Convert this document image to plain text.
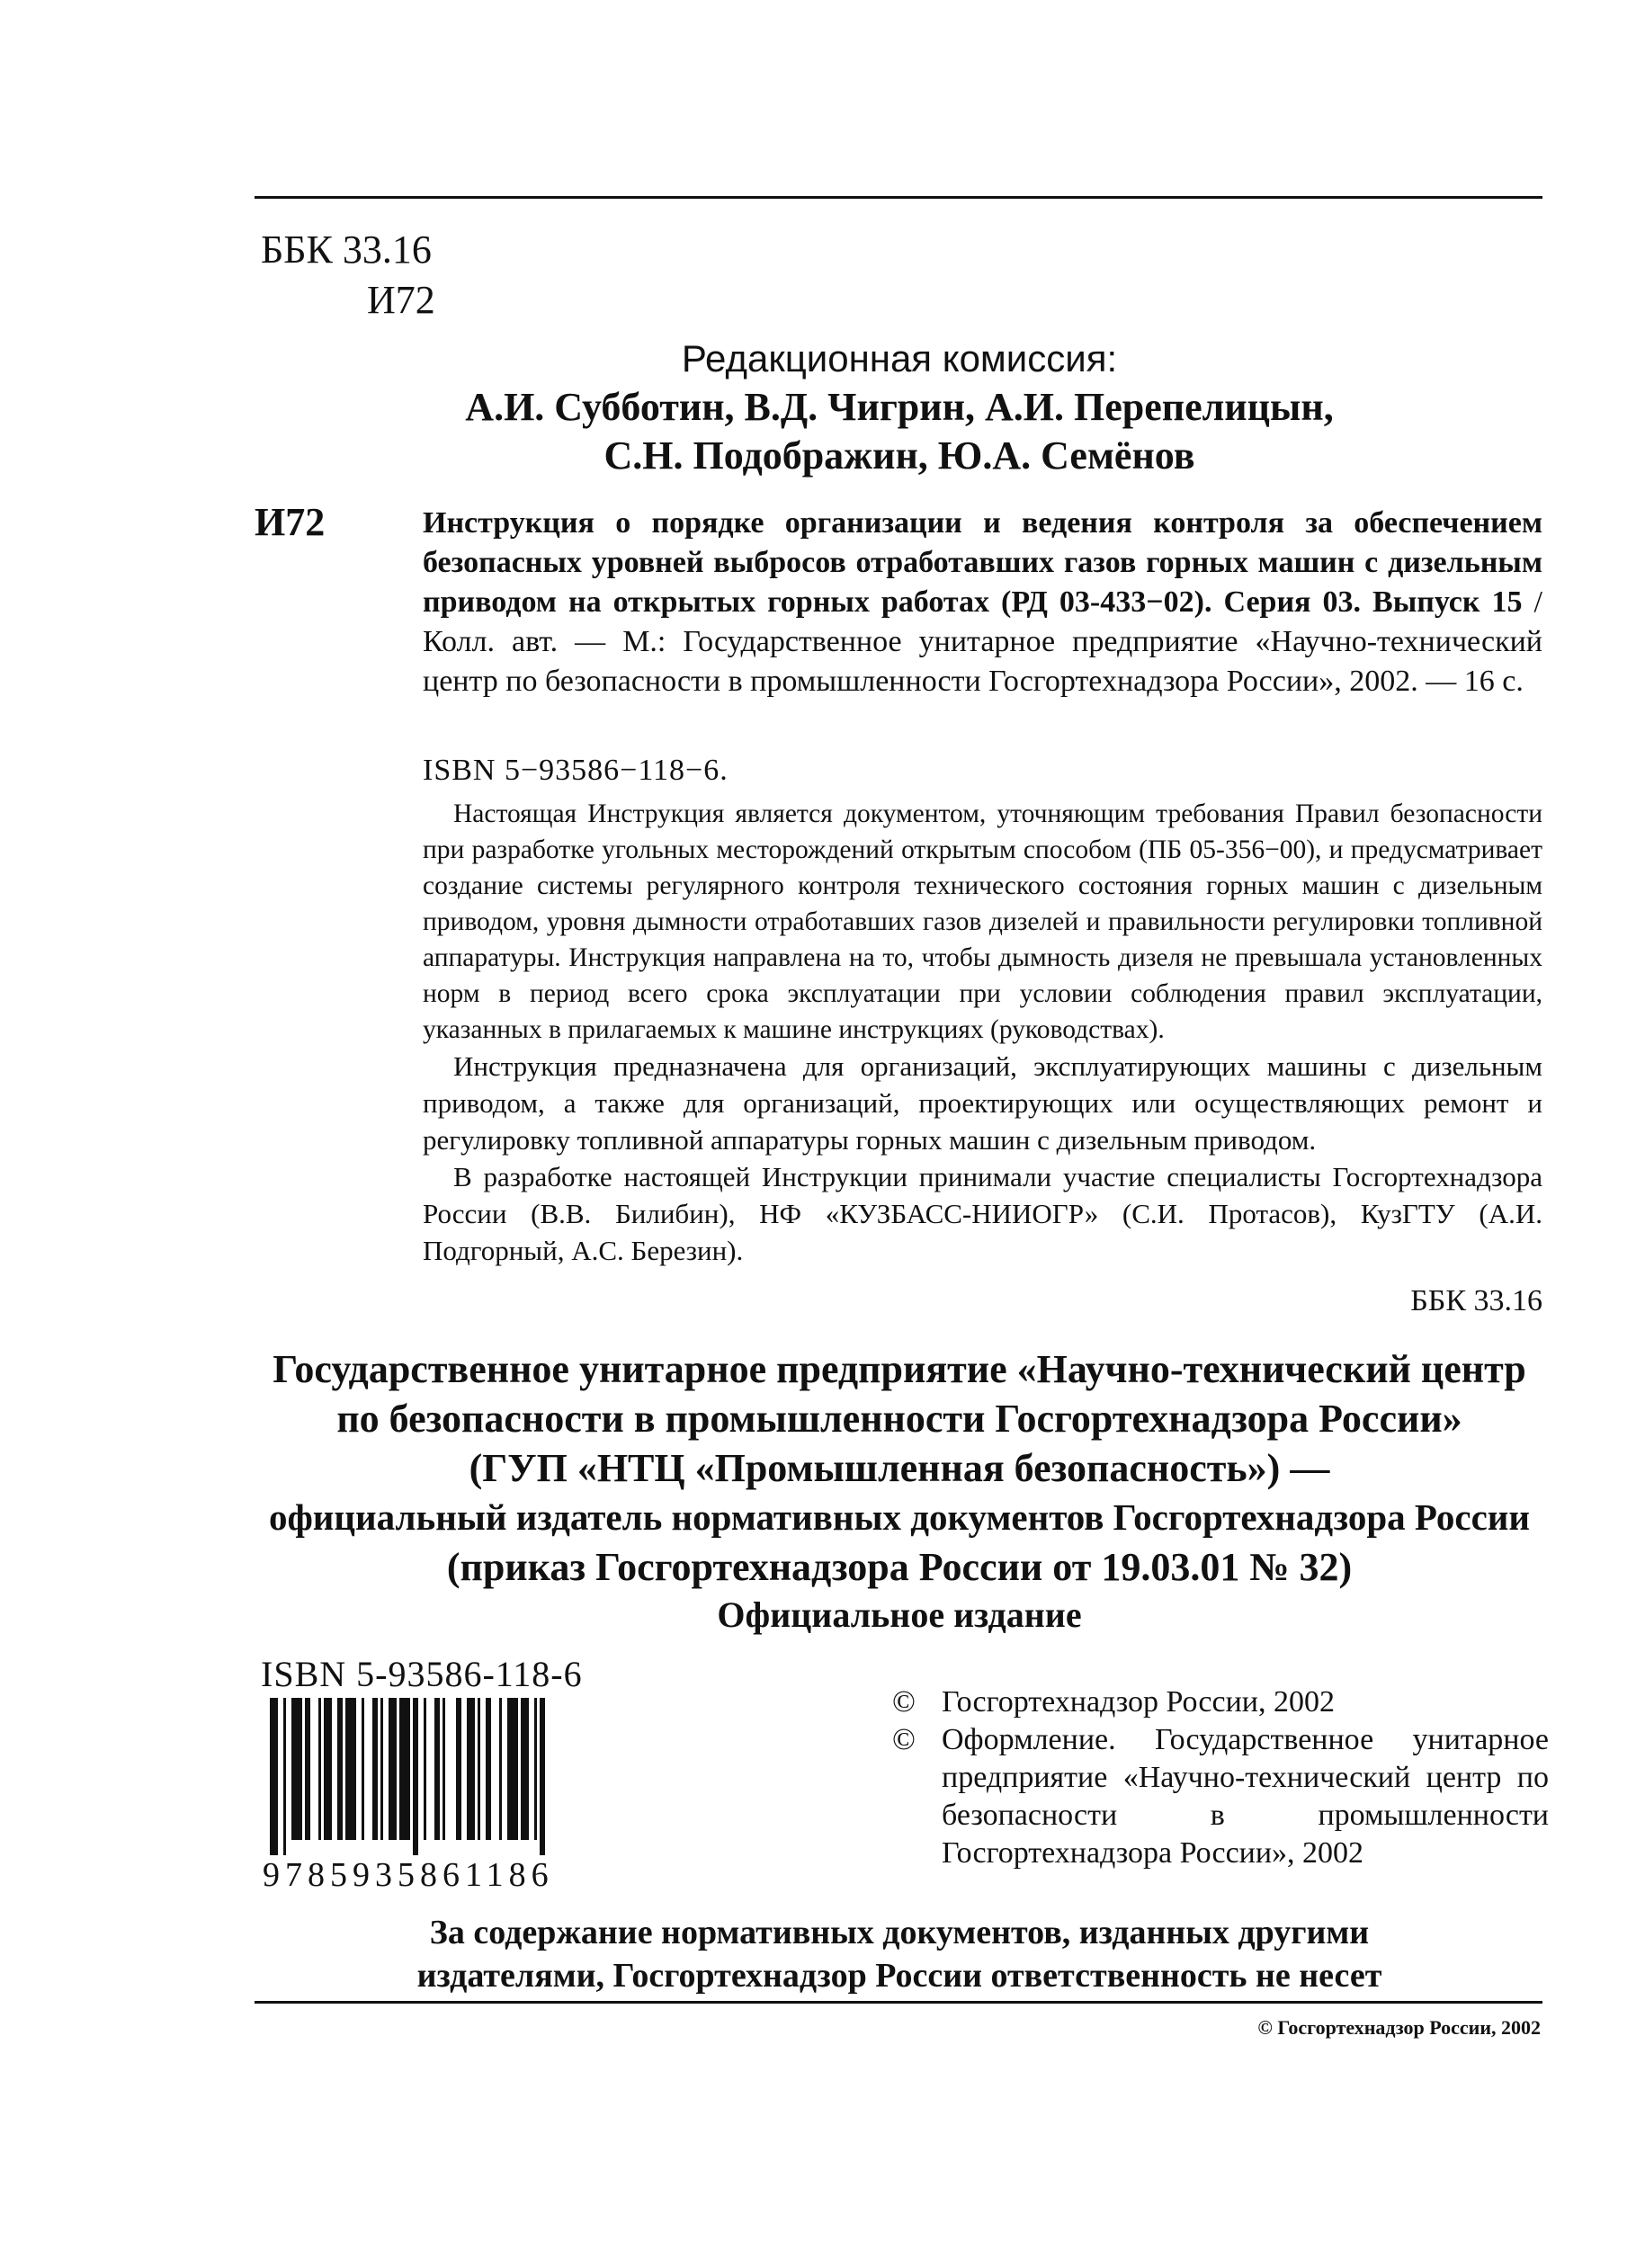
ББК 33.16
И72
Редакционная комиссия:
А.И. Субботин, В.Д. Чигрин, А.И. Перепелицын,
С.Н. Подображин, Ю.А. Семёнов
И72	Инструкция о порядке организации и ведения контроля за обеспечением безопасных уровней выбросов отработавших газов горных машин с дизельным приводом на открытых горных работах (РД 03-433−02). Серия 03. Выпуск 15 / Колл. авт. — М.: Государственное унитарное предприятие «Научно-технический центр по безопасности в промышленности Госгортехнадзора России», 2002. — 16 с.
ISBN 5−93586−118−6.

Настоящая Инструкция является документом, уточняющим требования Правил безопасности при разработке угольных месторождений открытым способом (ПБ 05-356−00), и предусматривает создание системы регулярного контроля технического состояния горных машин с дизельным приводом, уровня дымности отработавших газов дизелей и правильности регулировки топливной аппаратуры. Инструкция направлена на то, чтобы дымность дизеля не превышала установленных норм в период всего срока эксплуатации при условии соблюдения правил эксплуатации, указанных в прилагаемых к машине инструкциях (руководствах).

Инструкция предназначена для организаций, эксплуатирующих машины с дизельным приводом, а также для организаций, проектирующих или осуществляющих ремонт и регулировку топливной аппаратуры горных машин с дизельным приводом.

В разработке настоящей Инструкции принимали участие специалисты Госгортехнадзора России (В.В. Билибин), НФ «КУЗБАСС-НИИОГР» (С.И. Протасов), КузГТУ (А.И. Подгорный, А.С. Березин).

ББК 33.16
Государственное унитарное предприятие «Научно-технический центр
по безопасности в промышленности Госгортехнадзора России»
(ГУП «НТЦ «Промышленная безопасность») —
официальный издатель нормативных документов Госгортехнадзора России
(приказ Госгортехнадзора России от 19.03.01 № 32)
Официальное издание
ISBN 5-93586-118-6
9785935861186
© Госгортехнадзор России, 2002
© Оформление. Государственное унитарное предприятие «Научно-технический центр по безопасности в промышленности Госгортехнадзора России», 2002
За содержание нормативных документов, изданных другими
издателями, Госгортехнадзор России ответственность не несет
© Госгортехнадзор России, 2002
